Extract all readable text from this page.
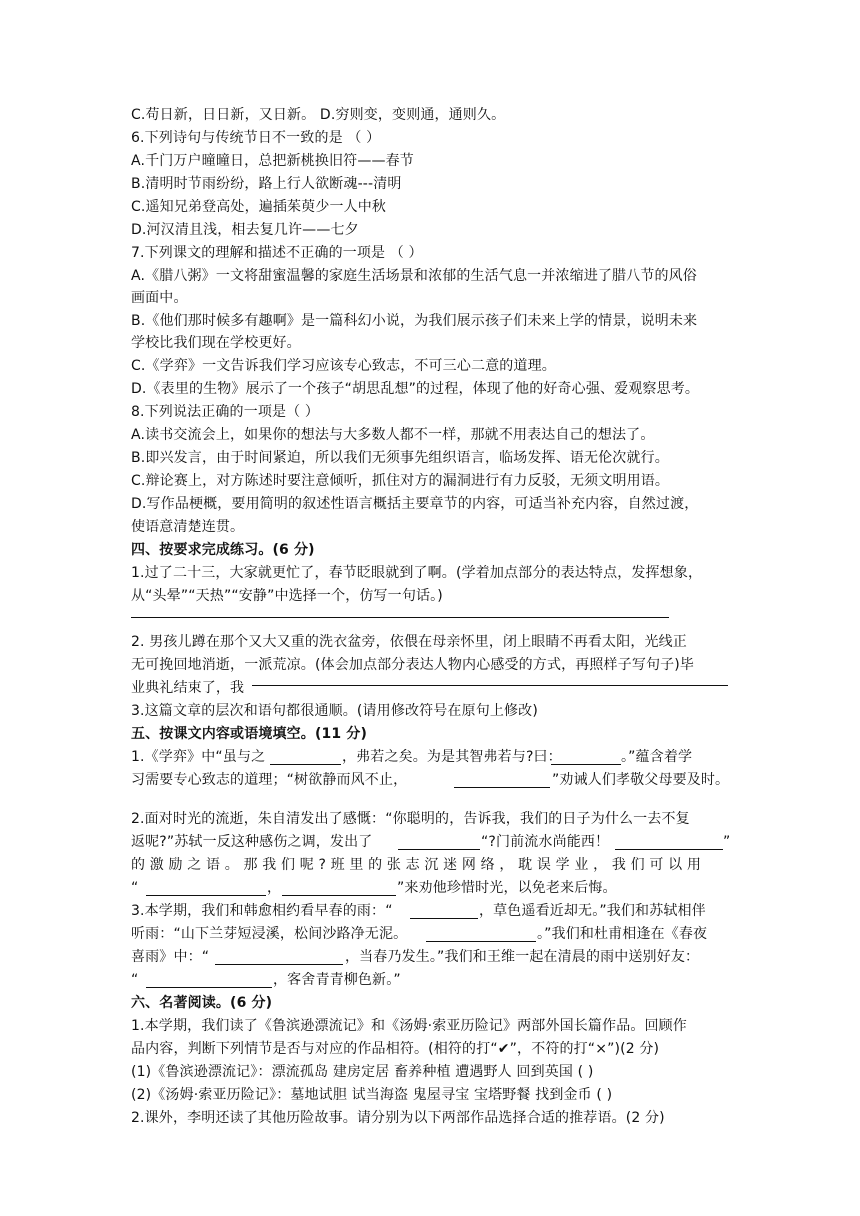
C.苟日新，日日新，又日新。 D.穷则变，变则通，通则久。
6.下列诗句与传统节日不一致的是 （ ）
A.千门万户曈曈日，总把新桃换旧符——春节
B.清明时节雨纷纷，路上行人欲断魂---清明
C.遥知兄弟登高处，遍插茱萸少一人中秋
D.河汉清且浅，相去复几许——七夕
7.下列课文的理解和描述不正确的一项是 （ ）
A.《腊八粥》一文将甜蜜温馨的家庭生活场景和浓郁的生活气息一并浓缩进了腊八节的风俗
画面中。
B.《他们那时候多有趣啊》是一篇科幻小说，为我们展示孩子们未来上学的情景，说明未来
学校比我们现在学校更好。
C.《学弈》一文告诉我们学习应该专心致志，不可三心二意的道理。
D.《表里的生物》展示了一个孩子“胡思乱想”的过程，体现了他的好奇心强、爱观察思考。
8.下列说法正确的一项是（ ）
A.读书交流会上，如果你的想法与大多数人都不一样，那就不用表达自己的想法了。
B.即兴发言，由于时间紧迫，所以我们无须事先组织语言，临场发挥、语无伦次就行。
C.辩论赛上，对方陈述时要注意倾听，抓住对方的漏洞进行有力反驳，无须文明用语。
D.写作品梗概，要用简明的叙述性语言概括主要章节的内容，可适当补充内容，自然过渡，
使语意清楚连贯。
四、按要求完成练习。(6 分)
1.过了二十三，大家就更忙了，春节眨眼就到了啊。(学着加点部分的表达特点，发挥想象，
从“头晕”“天热”“安静”中选择一个，仿写一句话。)
2. 男孩儿蹲在那个又大又重的洗衣盆旁，依偎在母亲怀里，闭上眼睛不再看太阳，光线正
无可挽回地消逝，一派荒凉。(体会加点部分表达人物内心感受的方式，再照样子写句子)毕
业典礼结束了，我
3.这篇文章的层次和语句都很通顺。(请用修改符号在原句上修改)
五、按课文内容或语境填空。(11 分)
1.《学弈》中“虽与之	，弗若之矣。为是其智弗若与?曰：	。”蕴含着学
习需要专心致志的道理；“树欲静而风不止，	”劝诫人们孝敬父母要及时。
2.面对时光的流逝，朱自清发出了感慨：“你聪明的，告诉我，我们的日子为什么一去不复
返呢?”苏轼一反这种感伤之调，发出了	“?门前流水尚能西！	”
的 激 励 之 语 。 那 我 们 呢 ? 班 里 的 张 志 沉 迷 网 络 ， 耽 误 学 业 ， 我 们 可 以 用
“	，	”来劝他珍惜时光，以免老来后悔。
3.本学期，我们和韩愈相约看早春的雨：“	，草色遥看近却无。”我们和苏轼相伴
听雨：“山下兰芽短浸溪，松间沙路净无泥。	。”我们和杜甫相逢在《春夜
喜雨》中：“	，当春乃发生。”我们和王维一起在清晨的雨中送别好友：
“	，客舍青青柳色新。”
六、名著阅读。(6 分)
1.本学期，我们读了《鲁滨逊漂流记》和《汤姆·索亚历险记》两部外国长篇作品。回顾作
品内容，判断下列情节是否与对应的作品相符。(相符的打“✔”，不符的打“×”)(2 分)
(1)《鲁滨逊漂流记》：漂流孤岛 建房定居 畜养种植 遭遇野人 回到英国 ( )
(2)《汤姆·索亚历险记》：墓地试胆 试当海盗 鬼屋寻宝 宝塔野餐 找到金币 ( )
2.课外，李明还读了其他历险故事。请分别为以下两部作品选择合适的推荐语。(2 分)
